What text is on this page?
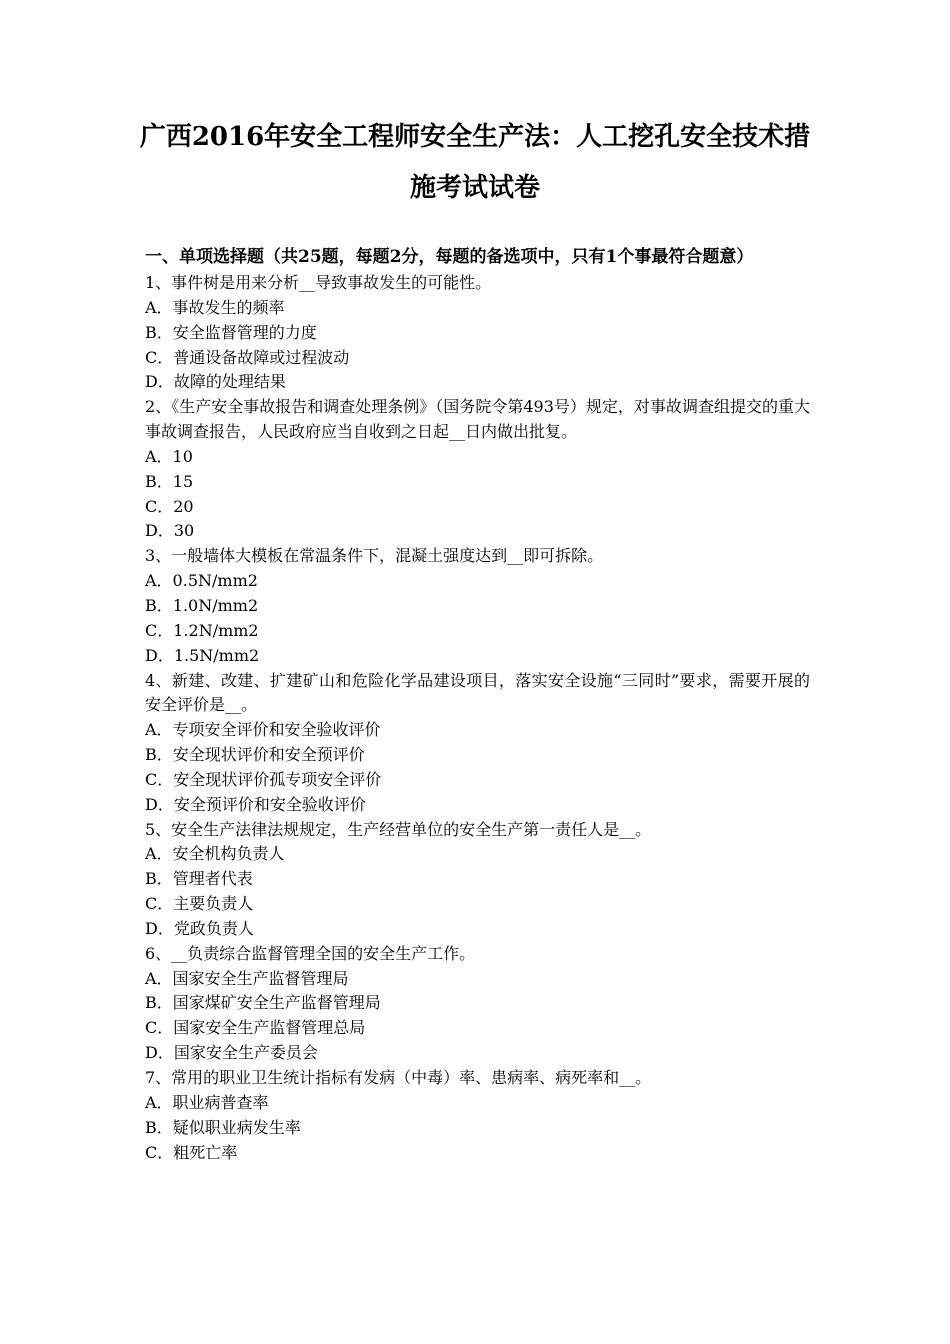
广西2016年安全工程师安全生产法：人工挖孔安全技术措
施考试试卷
一、单项选择题（共25题，每题2分，每题的备选项中，只有1个事最符合题意）

1、事件树是用来分析__导致事故发生的可能性。

A．事故发生的频率

B．安全监督管理的力度

C．普通设备故障或过程波动

D．故障的处理结果

2、《生产安全事故报告和调查处理条例》（国务院令第493号）规定，对事故调查组提交的重大事故调查报告，人民政府应当自收到之日起__日内做出批复。

A．10

B．15

C．20

D．30

3、一般墙体大模板在常温条件下，混凝土强度达到__即可拆除。

A．0.5N/mm2

B．1.0N/mm2

C．1.2N/mm2

D．1.5N/mm2

4、新建、改建、扩建矿山和危险化学品建设项目，落实安全设施“三同时”要求，需要开展的安全评价是__。

A．专项安全评价和安全验收评价

B．安全现状评价和安全预评价

C．安全现状评价孤专项安全评价

D．安全预评价和安全验收评价

5、安全生产法律法规规定，生产经营单位的安全生产第一责任人是__。

A．安全机构负责人

B．管理者代表

C．主要负责人

D．党政负责人

6、__负责综合监督管理全国的安全生产工作。

A．国家安全生产监督管理局

B．国家煤矿安全生产监督管理局

C．国家安全生产监督管理总局

D．国家安全生产委员会

7、常用的职业卫生统计指标有发病（中毒）率、患病率、病死率和__。

A．职业病普查率

B．疑似职业病发生率

C．粗死亡率
